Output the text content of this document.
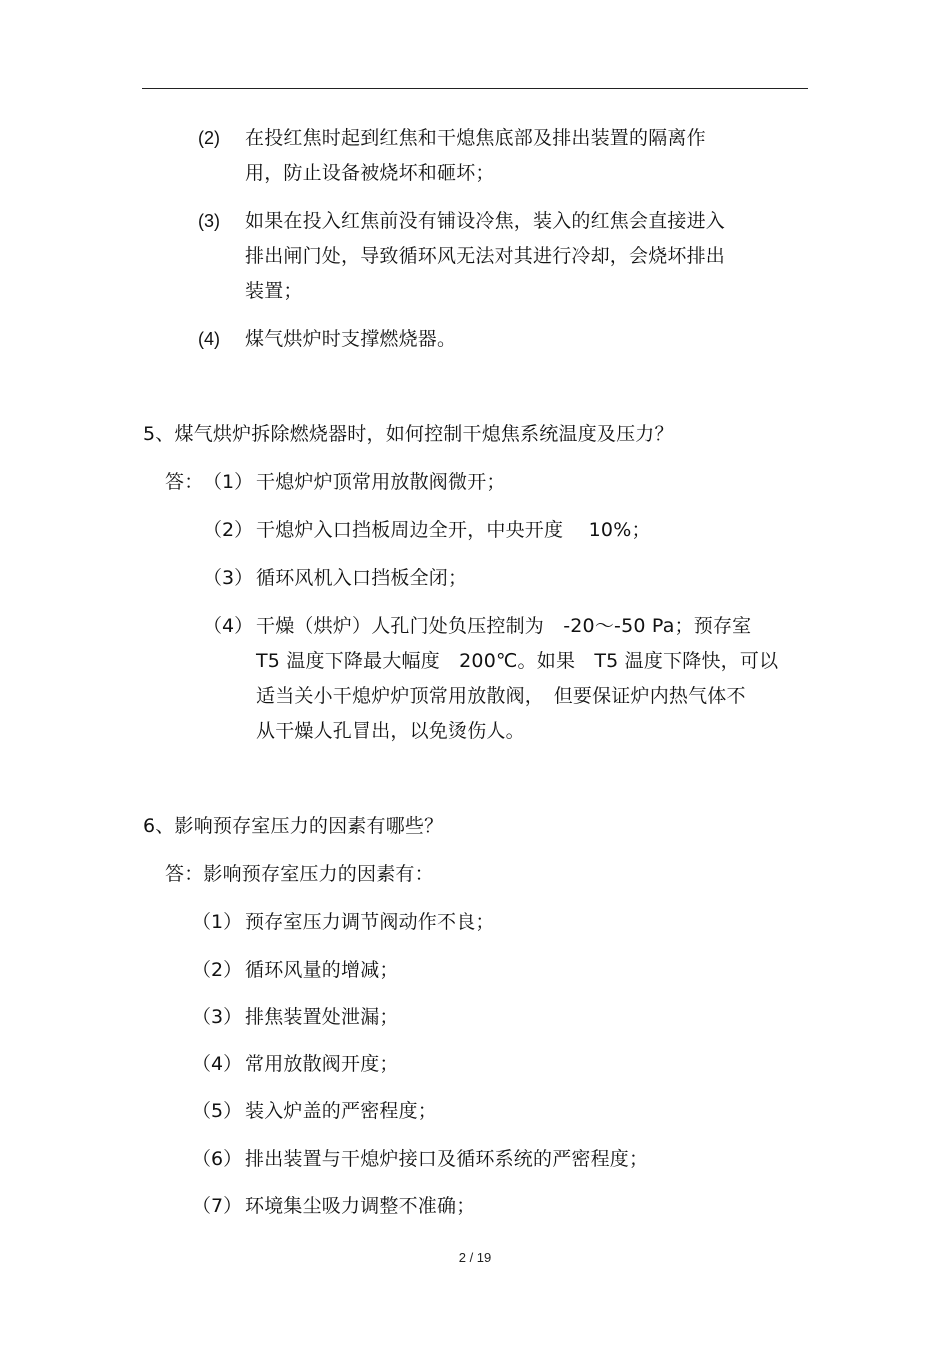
(2) 在投红焦时起到红焦和干熄焦底部及排出装置的隔离作
用，防止设备被烧坏和砸坏；
(3) 如果在投入红焦前没有铺设冷焦，装入的红焦会直接进入
排出闸门处，导致循环风无法对其进行冷却，会烧坏排出
装置；
(4) 煤气烘炉时支撑燃烧器。
5、煤气烘炉拆除燃烧器时，如何控制干熄焦系统温度及压力？
答： （1） 干熄炉炉顶常用放散阀微开；
（2） 干熄炉入口挡板周边全开，中央开度　 10%；
（3） 循环风机入口挡板全闭；
（4） 干燥（烘炉）人孔门处负压控制为　-20～-50 Pa；预存室
T5 温度下降最大幅度　200℃。如果　T5 温度下降快，可以
适当关小干熄炉炉顶常用放散阀，　但要保证炉内热气体不
从干燥人孔冒出，以免烫伤人。
6、影响预存室压力的因素有哪些？
答：影响预存室压力的因素有：
（1） 预存室压力调节阀动作不良；
（2） 循环风量的增减；
（3） 排焦装置处泄漏；
（4） 常用放散阀开度；
（5） 装入炉盖的严密程度；
（6） 排出装置与干熄炉接口及循环系统的严密程度；
（7） 环境集尘吸力调整不准确；
2 / 19
